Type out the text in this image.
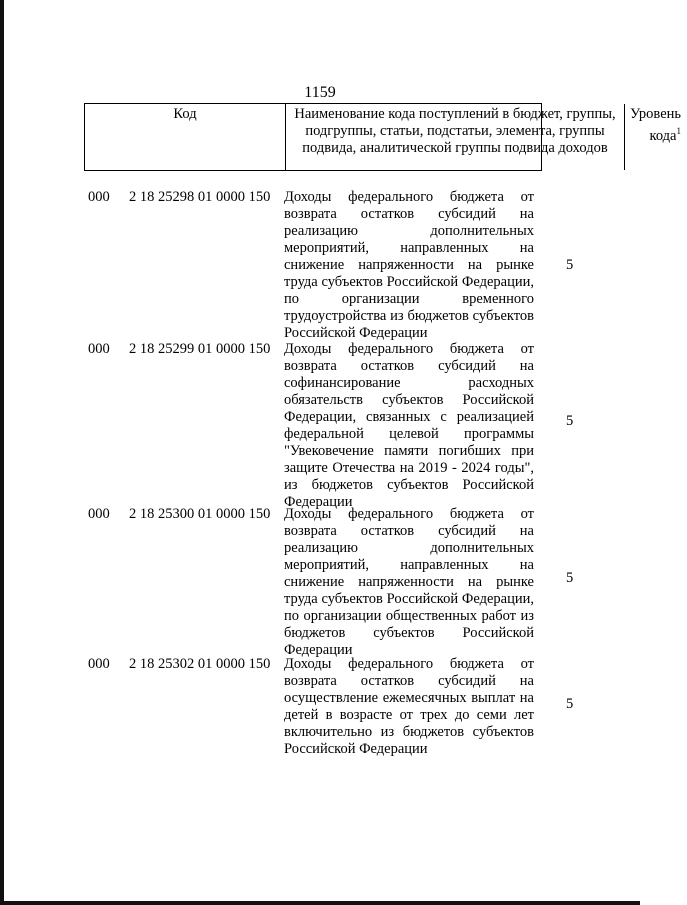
1159
Код	Наименование кода поступлений в бюджет, группы, подгруппы, статьи, подстатьи, элемента, группы подвида, аналитической группы подвида доходов
Уровень кода$^1$
000 2 18 25298 01 0000 150 Доходы федерального бюджета от возврата остатков субсидий на реализацию дополнительных мероприятий, направленных на снижение напряженности на рынке труда субъектов Российской Федерации, по организации временного трудоустройства из бюджетов субъектов Российской Федерации
5
000 2 18 25299 01 0000 150 Доходы федерального бюджета от возврата остатков субсидий на софинансирование расходных обязательств субъектов Российской Федерации, связанных с реализацией федеральной целевой программы "Увековечение памяти погибших при защите Отечества на 2019 - 2024 годы", из бюджетов субъектов Российской Федерации
5
000 2 18 25300 01 0000 150 Доходы федерального бюджета от возврата остатков субсидий на реализацию дополнительных мероприятий, направленных на снижение напряженности на рынке труда субъектов Российской Федерации, по организации общественных работ из бюджетов субъектов Российской Федерации
5
000 2 18 25302 01 0000 150 Доходы федерального бюджета от возврата остатков субсидий на осуществление ежемесячных выплат на детей в возрасте от трех до семи лет включительно из бюджетов субъектов Российской Федерации
5
